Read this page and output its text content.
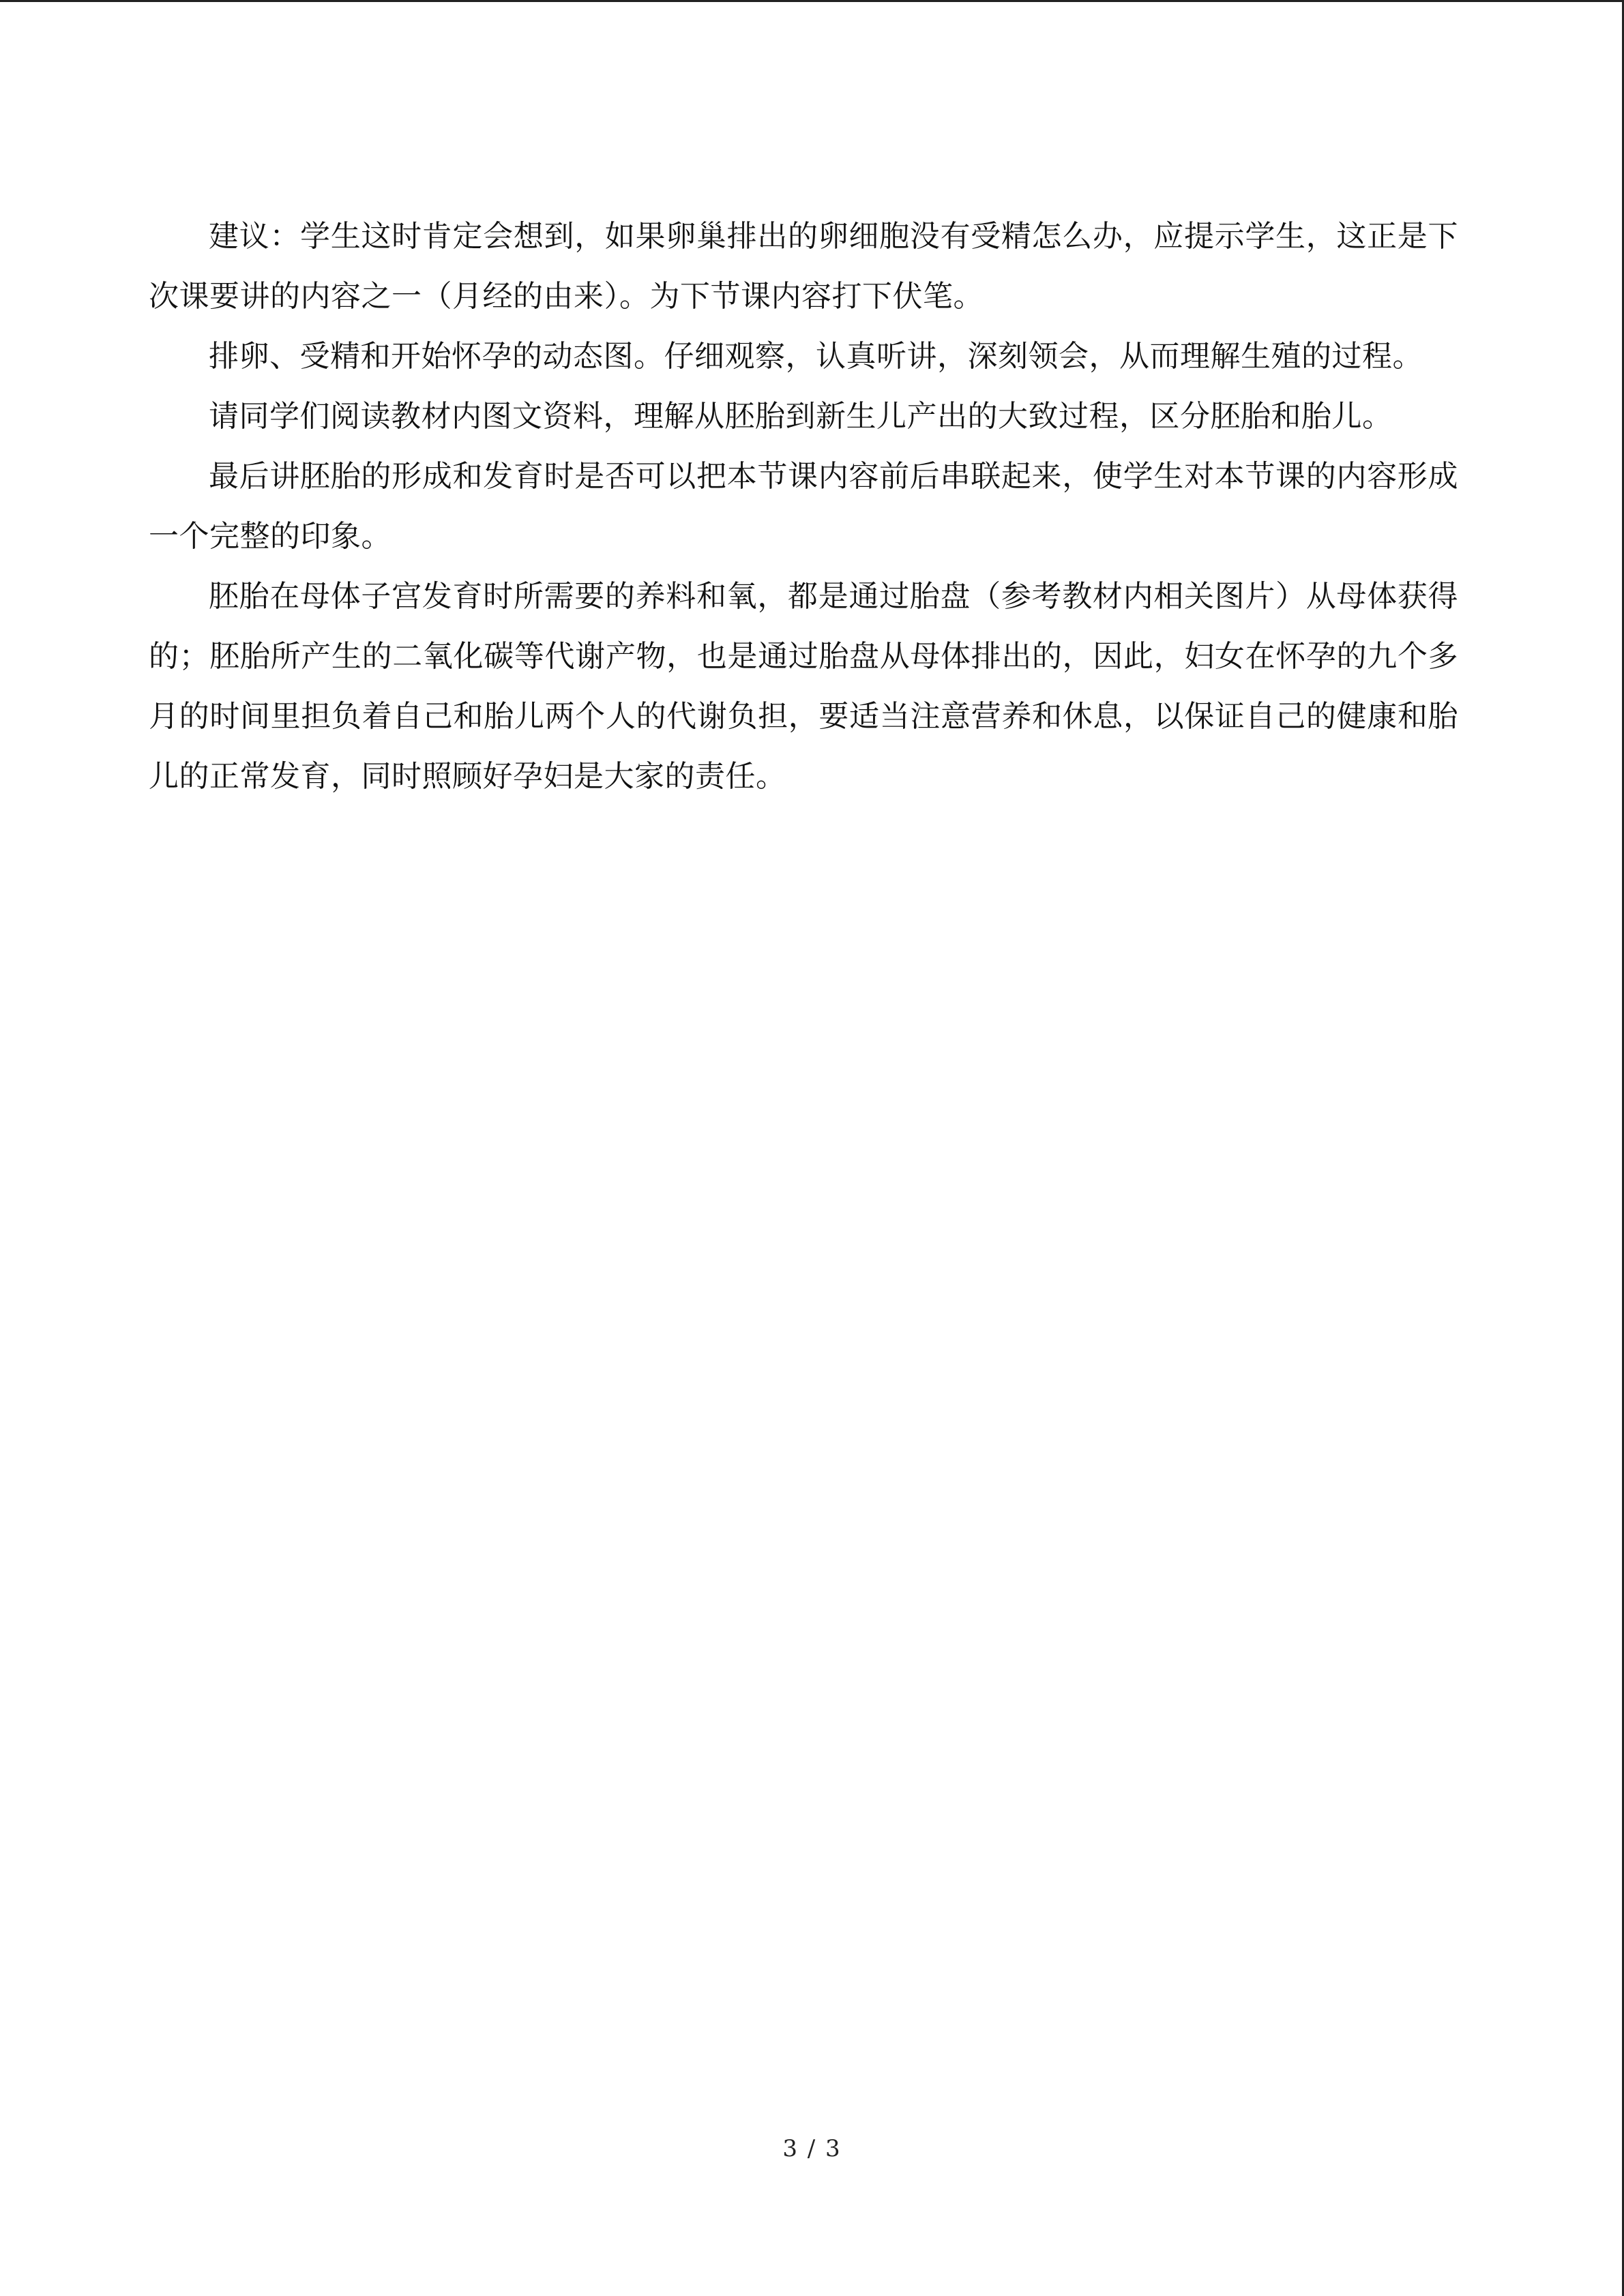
建议：学生这时肯定会想到，如果卵巢排出的卵细胞没有受精怎么办，应提示学生，这正是下次课要讲的内容之一（月经的由来）。为下节课内容打下伏笔。

排卵、受精和开始怀孕的动态图。仔细观察，认真听讲，深刻领会，从而理解生殖的过程。

请同学们阅读教材内图文资料，理解从胚胎到新生儿产出的大致过程，区分胚胎和胎儿。

最后讲胚胎的形成和发育时是否可以把本节课内容前后串联起来，使学生对本节课的内容形成一个完整的印象。

胚胎在母体子宫发育时所需要的养料和氧，都是通过胎盘（参考教材内相关图片）从母体获得的；胚胎所产生的二氧化碳等代谢产物，也是通过胎盘从母体排出的，因此，妇女在怀孕的九个多月的时间里担负着自己和胎儿两个人的代谢负担，要适当注意营养和休息，以保证自己的健康和胎儿的正常发育，同时照顾好孕妇是大家的责任。

3 / 3
